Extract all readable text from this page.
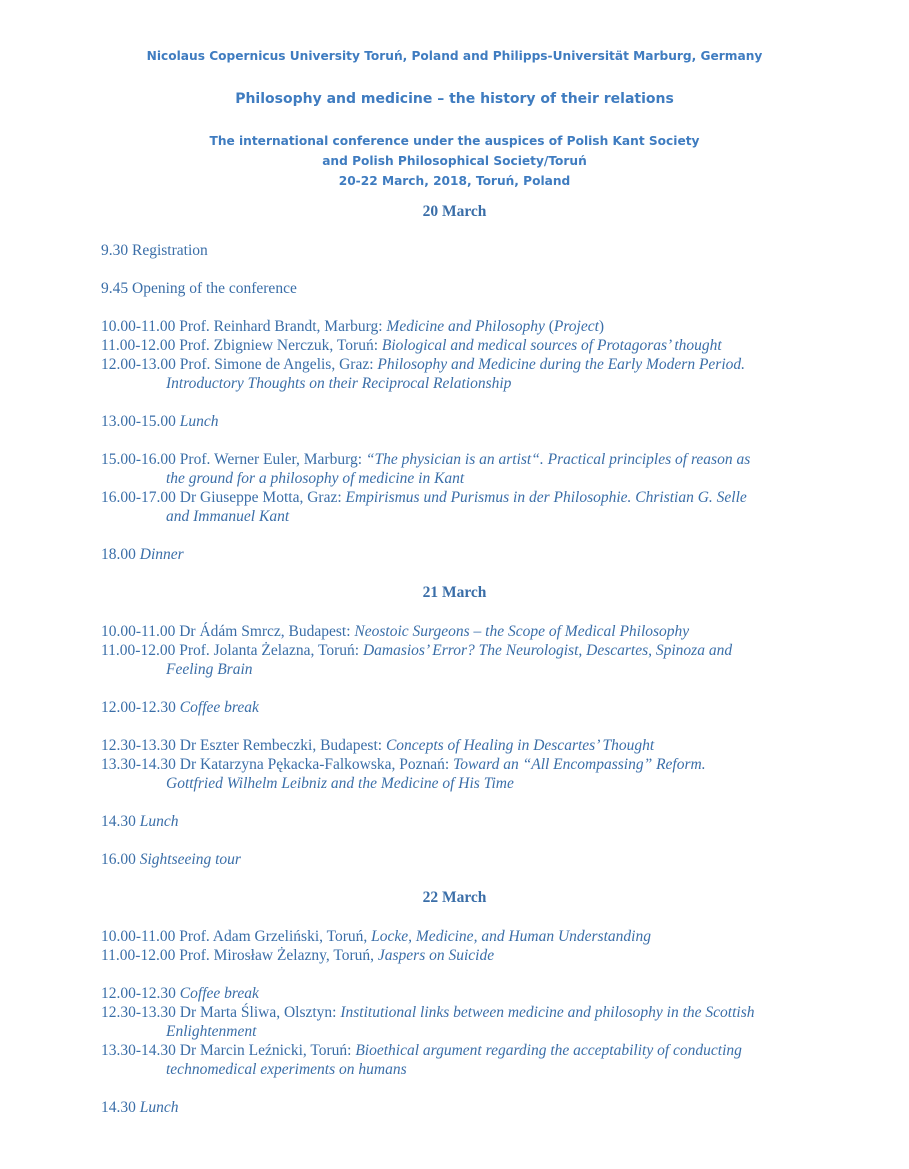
Nicolaus Copernicus University Toruń, Poland and Philipps-Universität Marburg, Germany
Philosophy and medicine – the history of their relations
The international conference under the auspices of Polish Kant Society
and Polish Philosophical Society/Toruń
20-22 March, 2018, Toruń, Poland
20 March
9.30 Registration
9.45 Opening of the conference
10.00-11.00 Prof. Reinhard Brandt, Marburg: Medicine and Philosophy (Project)
11.00-12.00 Prof. Zbigniew Nerczuk, Toruń: Biological and medical sources of Protagoras’ thought
12.00-13.00 Prof. Simone de Angelis, Graz: Philosophy and Medicine during the Early Modern Period.
Introductory Thoughts on their Reciprocal Relationship
13.00-15.00 Lunch
15.00-16.00 Prof. Werner Euler, Marburg: “The physician is an artist“. Practical principles of reason as
the ground for a philosophy of medicine in Kant
16.00-17.00 Dr Giuseppe Motta, Graz: Empirismus und Purismus in der Philosophie. Christian G. Selle
and Immanuel Kant
18.00 Dinner
21 March
10.00-11.00 Dr Ádám Smrcz, Budapest: Neostoic Surgeons – the Scope of Medical Philosophy
11.00-12.00 Prof. Jolanta Żelazna, Toruń: Damasios’ Error? The Neurologist, Descartes, Spinoza and
Feeling Brain
12.00-12.30 Coffee break
12.30-13.30 Dr Eszter Rembeczki, Budapest: Concepts of Healing in Descartes’ Thought
13.30-14.30 Dr Katarzyna Pękacka-Falkowska, Poznań: Toward an “All Encompassing” Reform.
Gottfried Wilhelm Leibniz and the Medicine of His Time
14.30 Lunch
16.00 Sightseeing tour
22 March
10.00-11.00 Prof. Adam Grzeliński, Toruń, Locke, Medicine, and Human Understanding
11.00-12.00 Prof. Mirosław Żelazny, Toruń, Jaspers on Suicide
12.00-12.30 Coffee break
12.30-13.30 Dr Marta Śliwa, Olsztyn: Institutional links between medicine and philosophy in the Scottish
Enlightenment
13.30-14.30 Dr Marcin Leźnicki, Toruń: Bioethical argument regarding the acceptability of conducting
technomedical experiments on humans
14.30 Lunch
